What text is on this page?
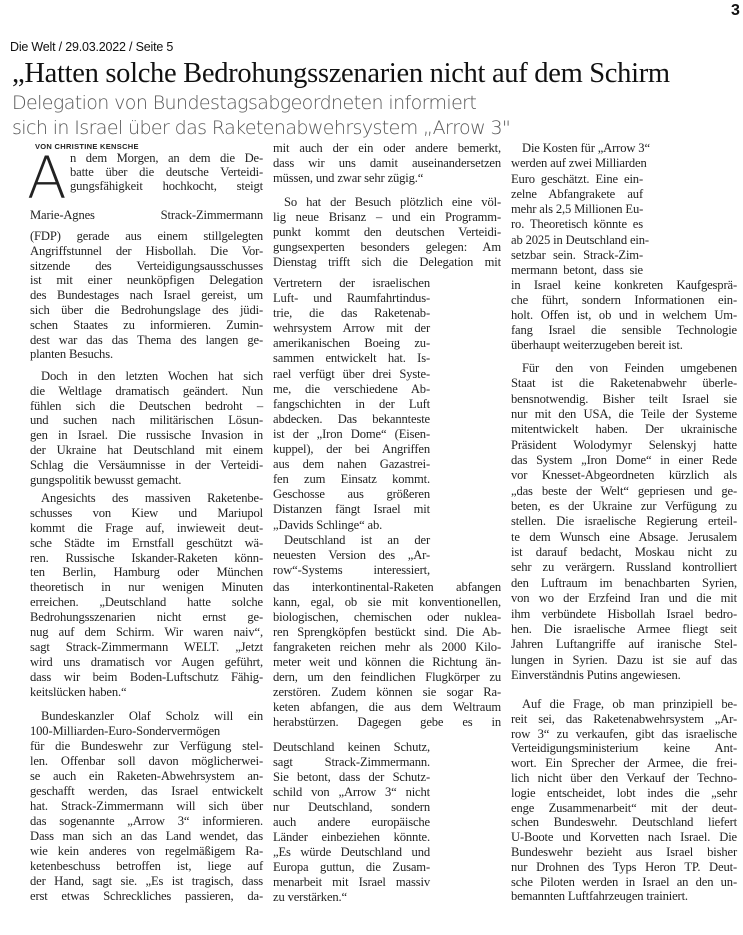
3
Die Welt / 29.03.2022 / Seite 5
„Hatten solche Bedrohungsszenarien nicht auf dem Schirm
Delegation von Bundestagsabgeordneten informiert
sich in Israel über das Raketenabwehrsystem „Arrow 3"
VON CHRISTINE KENSCHE
A n dem Morgen, an dem die De-
batte über die deutsche Verteidi-
gungsfähigkeit hochkocht, steigt
Marie-Agnes Strack-Zimmermann
(FDP) gerade aus einem stillgelegten
Angriffstunnel der Hisbollah. Die Vor-
sitzende des Verteidigungsausschusses
ist mit einer neunköpfigen Delegation
des Bundestages nach Israel gereist, um
sich über die Bedrohungslage des jüdi-
schen Staates zu informieren. Zumin-
dest war das das Thema des langen ge-
planten Besuchs.
Doch in den letzten Wochen hat sich
die Weltlage dramatisch geändert. Nun
fühlen sich die Deutschen bedroht –
und suchen nach militärischen Lösun-
gen in Israel. Die russische Invasion in
der Ukraine hat Deutschland mit einem
Schlag die Versäumnisse in der Verteidi-
gungspolitik bewusst gemacht.
Angesichts des massiven Raketenbe-
schusses von Kiew und Mariupol
kommt die Frage auf, inwieweit deut-
sche Städte im Ernstfall geschützt wä-
ren. Russische Iskander-Raketen könn-
ten Berlin, Hamburg oder München
theoretisch in nur wenigen Minuten
erreichen. „Deutschland hatte solche
Bedrohungsszenarien nicht ernst ge-
nug auf dem Schirm. Wir waren naiv“,
sagt Strack-Zimmermann WELT. „Jetzt
wird uns dramatisch vor Augen geführt,
dass wir beim Boden-Luftschutz Fähig-
keitslücken haben.“
Bundeskanzler Olaf Scholz will ein
100-Milliarden-Euro-Sondervermögen
für die Bundeswehr zur Verfügung stel-
len. Offenbar soll davon möglicherwei-
se auch ein Raketen-Abwehrsystem an-
geschafft werden, das Israel entwickelt
hat. Strack-Zimmermann will sich über
das sogenannte „Arrow 3“ informieren.
Dass man sich an das Land wendet, das
wie kein anderes von regelmäßigem Ra-
ketenbeschuss betroffen ist, liege auf
der Hand, sagt sie. „Es ist tragisch, dass
erst etwas Schreckliches passieren, da-
mit auch der ein oder andere bemerkt,
dass wir uns damit auseinandersetzen
müssen, und zwar sehr zügig.“
So hat der Besuch plötzlich eine völ-
lig neue Brisanz – und ein Programm-
punkt kommt den deutschen Verteidi-
gungsexperten besonders gelegen: Am
Dienstag trifft sich die Delegation mit
Vertretern der israelischen
Luft- und Raumfahrtindus-
trie, die das Raketenab-
wehrsystem Arrow mit der
amerikanischen Boeing zu-
sammen entwickelt hat. Is-
rael verfügt über drei Syste-
me, die verschiedene Ab-
fangschichten in der Luft
abdecken. Das bekannteste
ist der „Iron Dome“ (Eisen-
kuppel), der bei Angriffen
aus dem nahen Gazastrei-
fen zum Einsatz kommt.
Geschosse aus größeren
Distanzen fängt Israel mit
„Davids Schlinge“ ab.
Deutschland ist an der
neuesten Version des „Ar-
row“-Systems interessiert,
das interkontinental-Raketen abfangen
kann, egal, ob sie mit konventionellen,
biologischen, chemischen oder nuklea-
ren Sprengköpfen bestückt sind. Die Ab-
fangraketen reichen mehr als 2000 Kilo-
meter weit und können die Richtung än-
dern, um den feindlichen Flugkörper zu
zerstören. Zudem können sie sogar Ra-
keten abfangen, die aus dem Weltraum
herabstürzen. Dagegen gebe es in
Deutschland keinen Schutz,
sagt Strack-Zimmermann.
Sie betont, dass der Schutz-
schild von „Arrow 3“ nicht
nur Deutschland, sondern
auch andere europäische
Länder einbeziehen könnte.
„Es würde Deutschland und
Europa guttun, die Zusam-
menarbeit mit Israel massiv
zu verstärken.“
Die Kosten für „Arrow 3“
werden auf zwei Milliarden
Euro geschätzt. Eine ein-
zelne Abfangrakete auf
mehr als 2,5 Millionen Eu-
ro. Theoretisch könnte es
ab 2025 in Deutschland ein-
setzbar sein. Strack-Zim-
mermann betont, dass sie
in Israel keine konkreten Kaufgesprä-
che führt, sondern Informationen ein-
holt. Offen ist, ob und in welchem Um-
fang Israel die sensible Technologie
überhaupt weiterzugeben bereit ist.
Für den von Feinden umgebenen
Staat ist die Raketenabwehr überle-
bensnotwendig. Bisher teilt Israel sie
nur mit den USA, die Teile der Systeme
mitentwickelt haben. Der ukrainische
Präsident Wolodymyr Selenskyj hatte
das System „Iron Dome“ in einer Rede
vor Knesset-Abgeordneten kürzlich als
„das beste der Welt“ gepriesen und ge-
beten, es der Ukraine zur Verfügung zu
stellen. Die israelische Regierung erteil-
te dem Wunsch eine Absage. Jerusalem
ist darauf bedacht, Moskau nicht zu
sehr zu verärgern. Russland kontrolliert
den Luftraum im benachbarten Syrien,
von wo der Erzfeind Iran und die mit
ihm verbündete Hisbollah Israel bedro-
hen. Die israelische Armee fliegt seit
Jahren Luftangriffe auf iranische Stel-
lungen in Syrien. Dazu ist sie auf das
Einverständnis Putins angewiesen.
Auf die Frage, ob man prinzipiell be-
reit sei, das Raketenabwehrsystem „Ar-
row 3“ zu verkaufen, gibt das israelische
Verteidigungsministerium keine Ant-
wort. Ein Sprecher der Armee, die frei-
lich nicht über den Verkauf der Techno-
logie entscheidet, lobt indes die „sehr
enge Zusammenarbeit“ mit der deut-
schen Bundeswehr. Deutschland liefert
U-Boote und Korvetten nach Israel. Die
Bundeswehr bezieht aus Israel bisher
nur Drohnen des Typs Heron TP. Deut-
sche Piloten werden in Israel an den un-
bemannten Luftfahrzeugen trainiert.
